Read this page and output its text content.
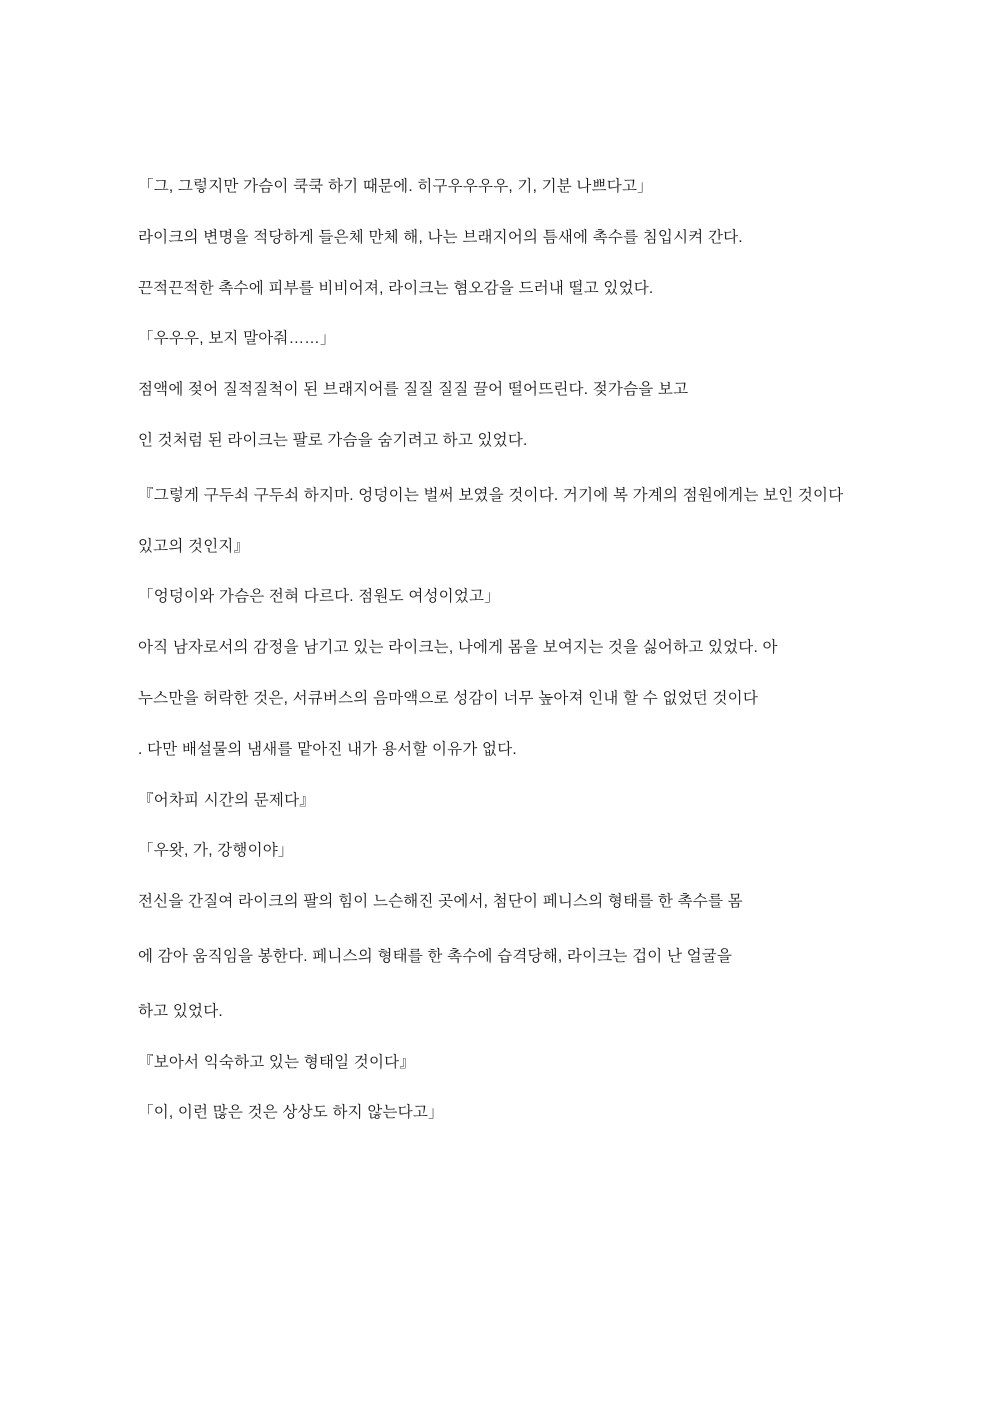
「그, 그렇지만 가슴이 쿡쿡 하기 때문에. 히구우우우우, 기, 기분 나쁘다고」

라이크의 변명을 적당하게 들은체 만체 해, 나는 브래지어의 틈새에 촉수를 침입시켜 간다.

끈적끈적한 촉수에 피부를 비비어져, 라이크는 혐오감을 드러내 떨고 있었다.

「우우우, 보지 말아줘……」

점액에 젖어 질적질척이 된 브래지어를 질질 질질 끌어 떨어뜨린다. 젖가슴을 보고

인 것처럼 된 라이크는 팔로 가슴을 숨기려고 하고 있었다.

『그렇게 구두쇠 구두쇠 하지마. 엉덩이는 벌써 보였을 것이다. 거기에 복 가계의 점원에게는 보인 것이다

있고의 것인지』

「엉덩이와 가슴은 전혀 다르다. 점원도 여성이었고」

아직 남자로서의 감정을 남기고 있는 라이크는, 나에게 몸을 보여지는 것을 싫어하고 있었다. 아

누스만을 허락한 것은, 서큐버스의 음마액으로 성감이 너무 높아져 인내 할 수 없었던 것이다

. 다만 배설물의 냄새를 맡아진 내가 용서할 이유가 없다.

『어차피 시간의 문제다』

「우왓, 가, 강행이야」

전신을 간질여 라이크의 팔의 힘이 느슨해진 곳에서, 첨단이 페니스의 형태를 한 촉수를 몸

에 감아 움직임을 봉한다. 페니스의 형태를 한 촉수에 습격당해, 라이크는 겁이 난 얼굴을

하고 있었다.

『보아서 익숙하고 있는 형태일 것이다』

「이, 이런 많은 것은 상상도 하지 않는다고」
